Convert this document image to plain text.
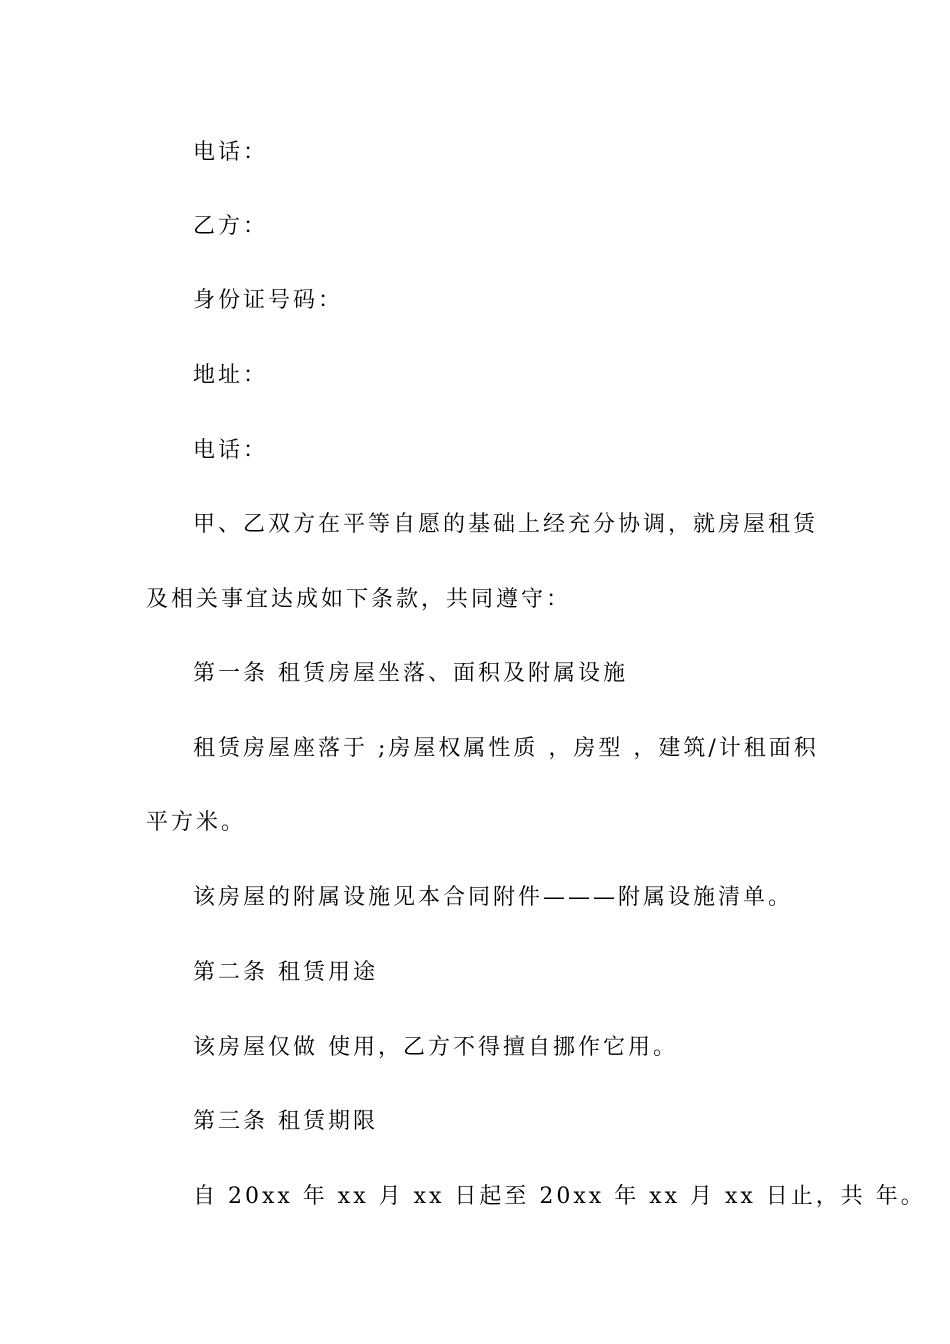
电话：
乙方：
身份证号码：
地址：
电话：
甲、乙双方在平等自愿的基础上经充分协调，就房屋租赁
及相关事宜达成如下条款，共同遵守：
第一条 租赁房屋坐落、面积及附属设施
租赁房屋座落于 ;房屋权属性质 ，房型 ，建筑/计租面积
平方米。
该房屋的附属设施见本合同附件———附属设施清单。
第二条 租赁用途
该房屋仅做 使用，乙方不得擅自挪作它用。
第三条 租赁期限
自 20xx 年 xx 月 xx 日起至 20xx 年 xx 月 xx 日止，共 年。
